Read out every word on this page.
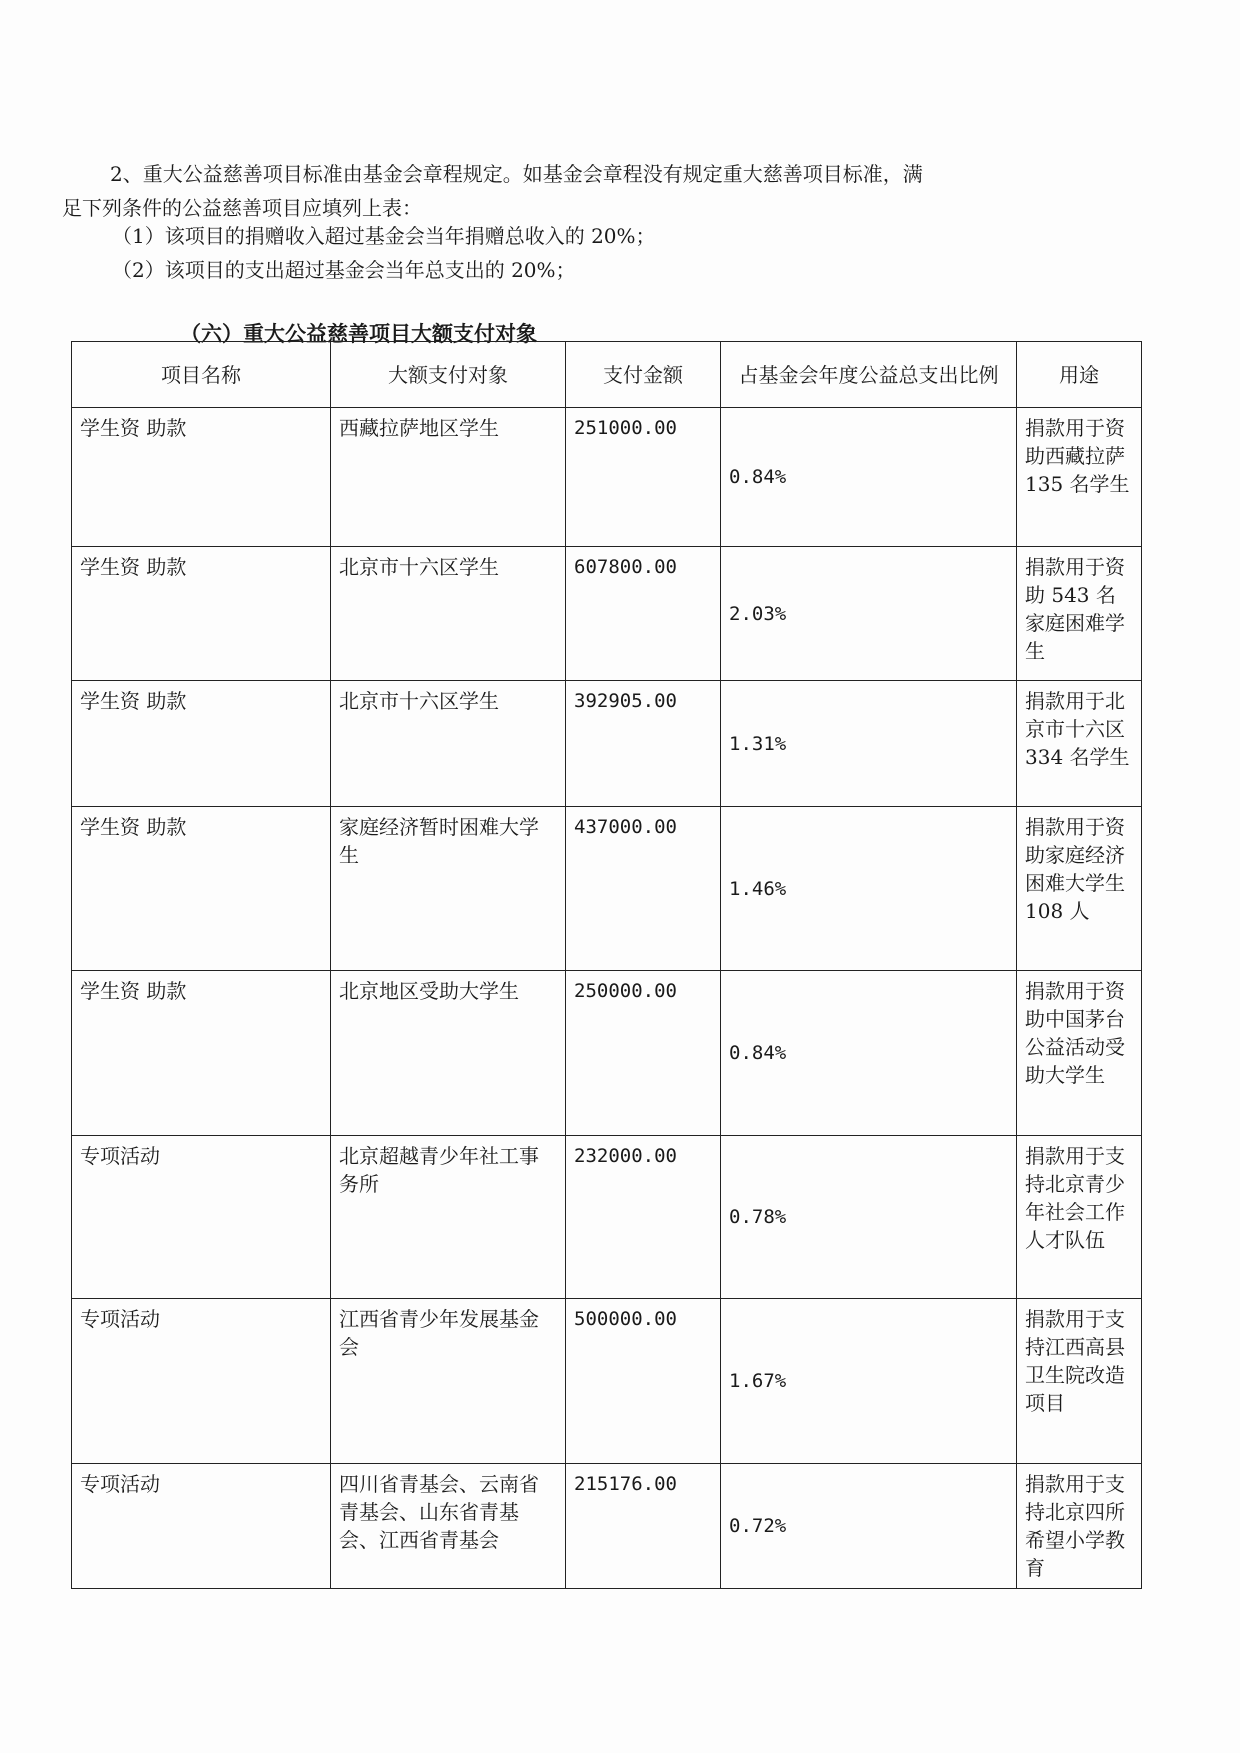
2、重大公益慈善项目标准由基金会章程规定。如基金会章程没有规定重大慈善项目标准，满
足下列条件的公益慈善项目应填列上表：
（1）该项目的捐赠收入超过基金会当年捐赠总收入的 20%；
（2）该项目的支出超过基金会当年总支出的 20%；
（六）重大公益慈善项目大额支付对象
项目名称	大额支付对象	支付金额	占基金会年度公益总支出比例	用途
学生资 助款	西藏拉萨地区学生	251000.00	0.84%	捐款用于资助西藏拉萨 135 名学生
学生资 助款	北京市十六区学生	607800.00	2.03%	捐款用于资助 543 名家庭困难学生
学生资 助款	北京市十六区学生	392905.00	1.31%	捐款用于北京市十六区 334 名学生
学生资 助款	家庭经济暂时困难大学生	437000.00	1.46%	捐款用于资助家庭经济困难大学生 108 人
学生资 助款	北京地区受助大学生	250000.00	0.84%	捐款用于资助中国茅台公益活动受助大学生
专项活动	北京超越青少年社工事务所	232000.00	0.78%	捐款用于支持北京青少年社会工作人才队伍
专项活动	江西省青少年发展基金会	500000.00	1.67%	捐款用于支持江西高县卫生院改造项目
专项活动	四川省青基会、云南省青基会、山东省青基会、江西省青基会	215176.00	0.72%	捐款用于支持北京四所希望小学教育
